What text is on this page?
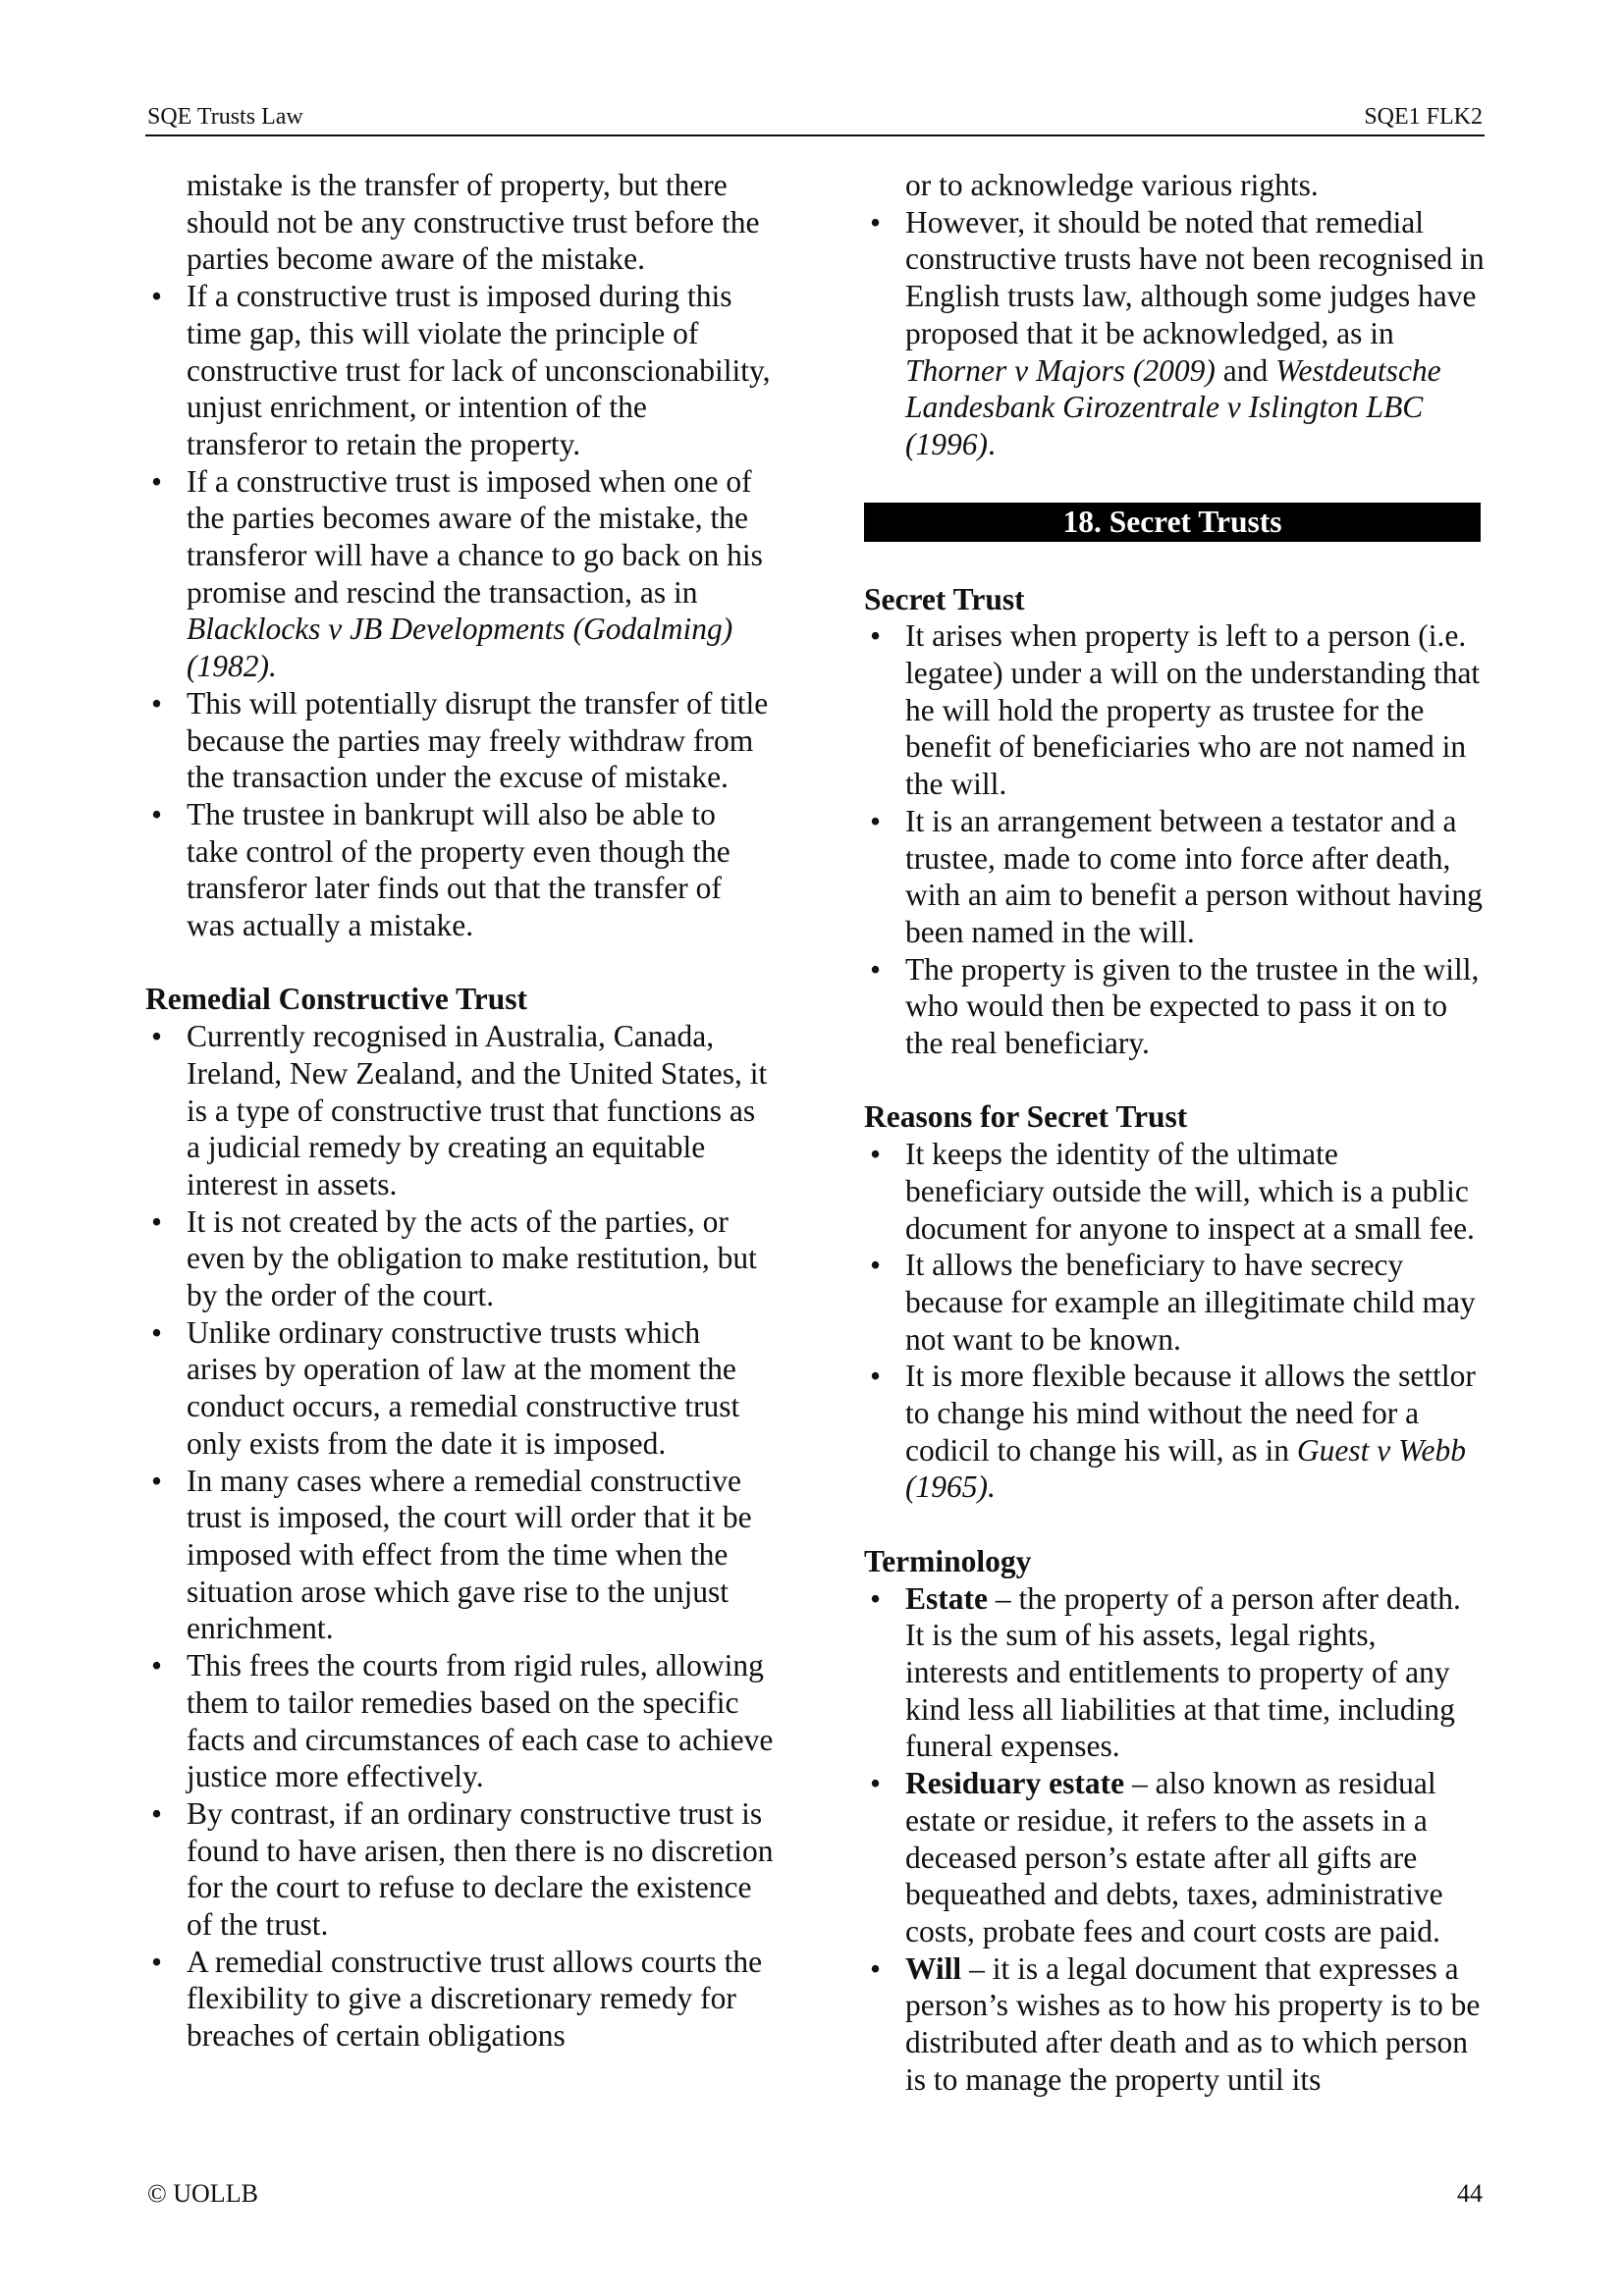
SQE Trusts Law	SQE1 FLK2
mistake is the transfer of property, but there should not be any constructive trust before the parties become aware of the mistake.
• If a constructive trust is imposed during this time gap, this will violate the principle of constructive trust for lack of unconscionability, unjust enrichment, or intention of the transferor to retain the property.
• If a constructive trust is imposed when one of the parties becomes aware of the mistake, the transferor will have a chance to go back on his promise and rescind the transaction, as in Blacklocks v JB Developments (Godalming) (1982).
• This will potentially disrupt the transfer of title because the parties may freely withdraw from the transaction under the excuse of mistake.
• The trustee in bankrupt will also be able to take control of the property even though the transferor later finds out that the transfer of was actually a mistake.
Remedial Constructive Trust
• Currently recognised in Australia, Canada, Ireland, New Zealand, and the United States, it is a type of constructive trust that functions as a judicial remedy by creating an equitable interest in assets.
• It is not created by the acts of the parties, or even by the obligation to make restitution, but by the order of the court.
• Unlike ordinary constructive trusts which arises by operation of law at the moment the conduct occurs, a remedial constructive trust only exists from the date it is imposed.
• In many cases where a remedial constructive trust is imposed, the court will order that it be imposed with effect from the time when the situation arose which gave rise to the unjust enrichment.
• This frees the courts from rigid rules, allowing them to tailor remedies based on the specific facts and circumstances of each case to achieve justice more effectively.
• By contrast, if an ordinary constructive trust is found to have arisen, then there is no discretion for the court to refuse to declare the existence of the trust.
• A remedial constructive trust allows courts the flexibility to give a discretionary remedy for breaches of certain obligations
or to acknowledge various rights.
• However, it should be noted that remedial constructive trusts have not been recognised in English trusts law, although some judges have proposed that it be acknowledged, as in Thorner v Majors (2009) and Westdeutsche Landesbank Girozentrale v Islington LBC (1996).
18. Secret Trusts
Secret Trust
• It arises when property is left to a person (i.e. legatee) under a will on the understanding that he will hold the property as trustee for the benefit of beneficiaries who are not named in the will.
• It is an arrangement between a testator and a trustee, made to come into force after death, with an aim to benefit a person without having been named in the will.
• The property is given to the trustee in the will, who would then be expected to pass it on to the real beneficiary.
Reasons for Secret Trust
• It keeps the identity of the ultimate beneficiary outside the will, which is a public document for anyone to inspect at a small fee.
• It allows the beneficiary to have secrecy because for example an illegitimate child may not want to be known.
• It is more flexible because it allows the settlor to change his mind without the need for a codicil to change his will, as in Guest v Webb (1965).
Terminology
• Estate – the property of a person after death. It is the sum of his assets, legal rights, interests and entitlements to property of any kind less all liabilities at that time, including funeral expenses.
• Residuary estate – also known as residual estate or residue, it refers to the assets in a deceased person’s estate after all gifts are bequeathed and debts, taxes, administrative costs, probate fees and court costs are paid.
• Will – it is a legal document that expresses a person’s wishes as to how his property is to be distributed after death and as to which person is to manage the property until its
© UOLLB	44
